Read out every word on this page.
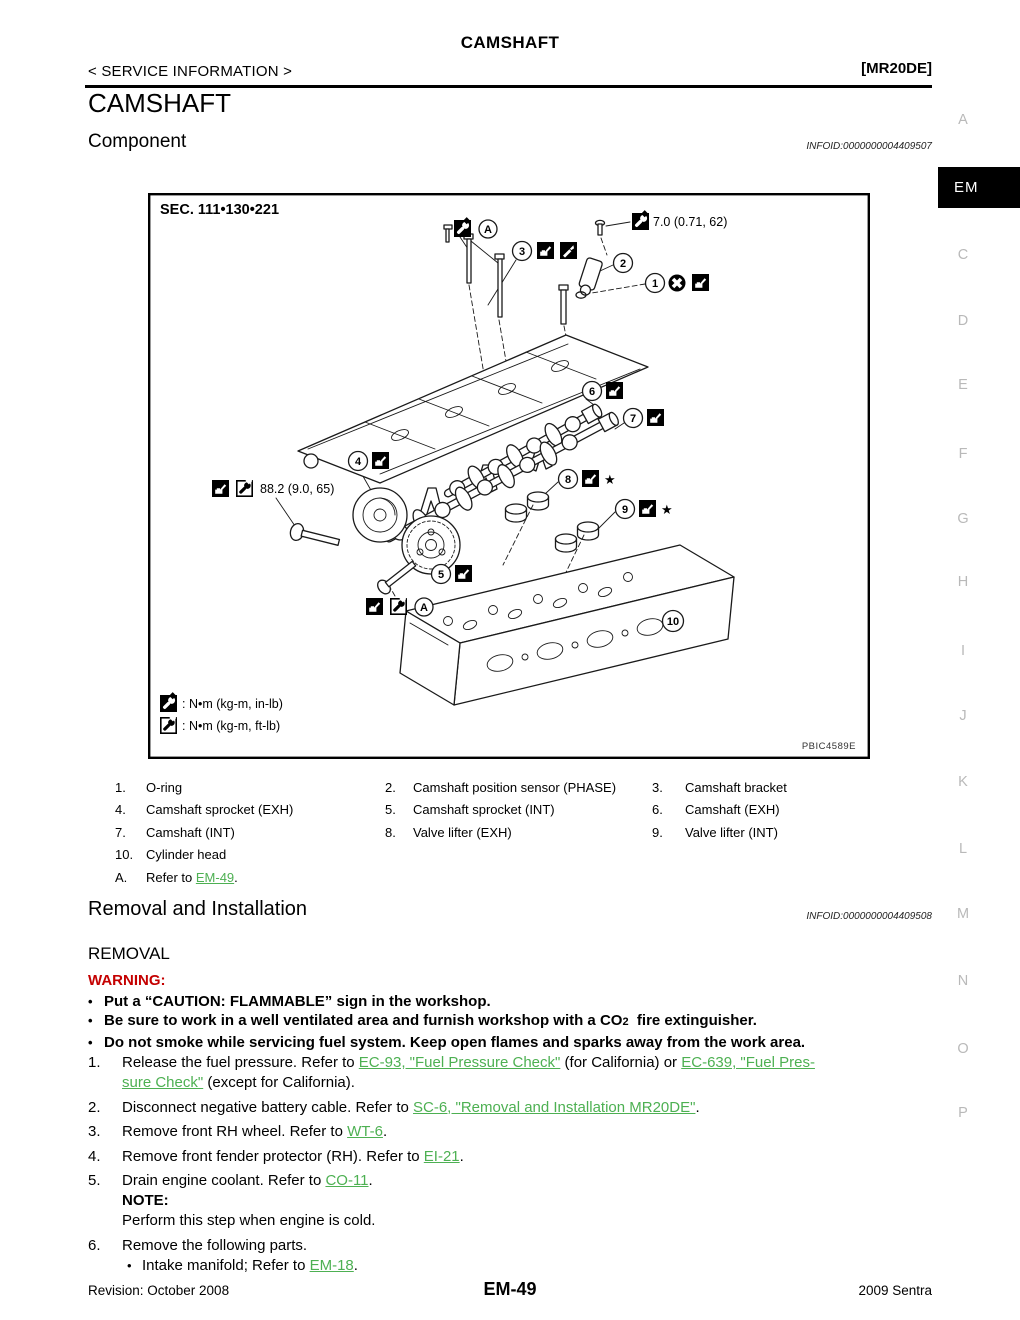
CAMSHAFT
< SERVICE INFORMATION >	[MR20DE]
CAMSHAFT
Component	INFOID:0000000004409507
A
EM
C
D
E
F
G
H
I
J
K
L
M
N
O
P
SEC. 111•130•221
A
7.0 (0.71, 62)
3
2
1
6
7
4
88.2 (9.0, 65)
5
8	★
9	★
A
10
: N•m (kg-m, in-lb)
: N•m (kg-m, ft-lb)
PBIC4589E
1.	O-ring	2.	Camshaft position sensor (PHASE)	3.	Camshaft bracket
4.	Camshaft sprocket (EXH)	5.	Camshaft sprocket (INT)	6.	Camshaft (EXH)
7.	Camshaft (INT)	8.	Valve lifter (EXH)	9.	Valve lifter (INT)
10. Cylinder head
A.	Refer to EM-49.
Removal and Installation	INFOID:0000000004409508
REMOVAL
WARNING:
• Put a “CAUTION: FLAMMABLE” sign in the workshop.
• Be sure to work in a well ventilated area and furnish workshop with a CO2  fire extinguisher.
• Do not smoke while servicing fuel system. Keep open flames and sparks away from the work area.
1.	Release the fuel pressure. Refer to EC-93, "Fuel Pressure Check" (for California) or EC-639, "Fuel Pres-
sure Check" (except for California).
2.	Disconnect negative battery cable. Refer to SC-6, "Removal and Installation MR20DE".
3.	Remove front RH wheel. Refer to WT-6.
4.	Remove front fender protector (RH). Refer to EI-21.
5.	Drain engine coolant. Refer to CO-11.
NOTE:
Perform this step when engine is cold.
6.	Remove the following parts.
• Intake manifold; Refer to EM-18.
Revision: October 2008	EM-49	2009 Sentra
